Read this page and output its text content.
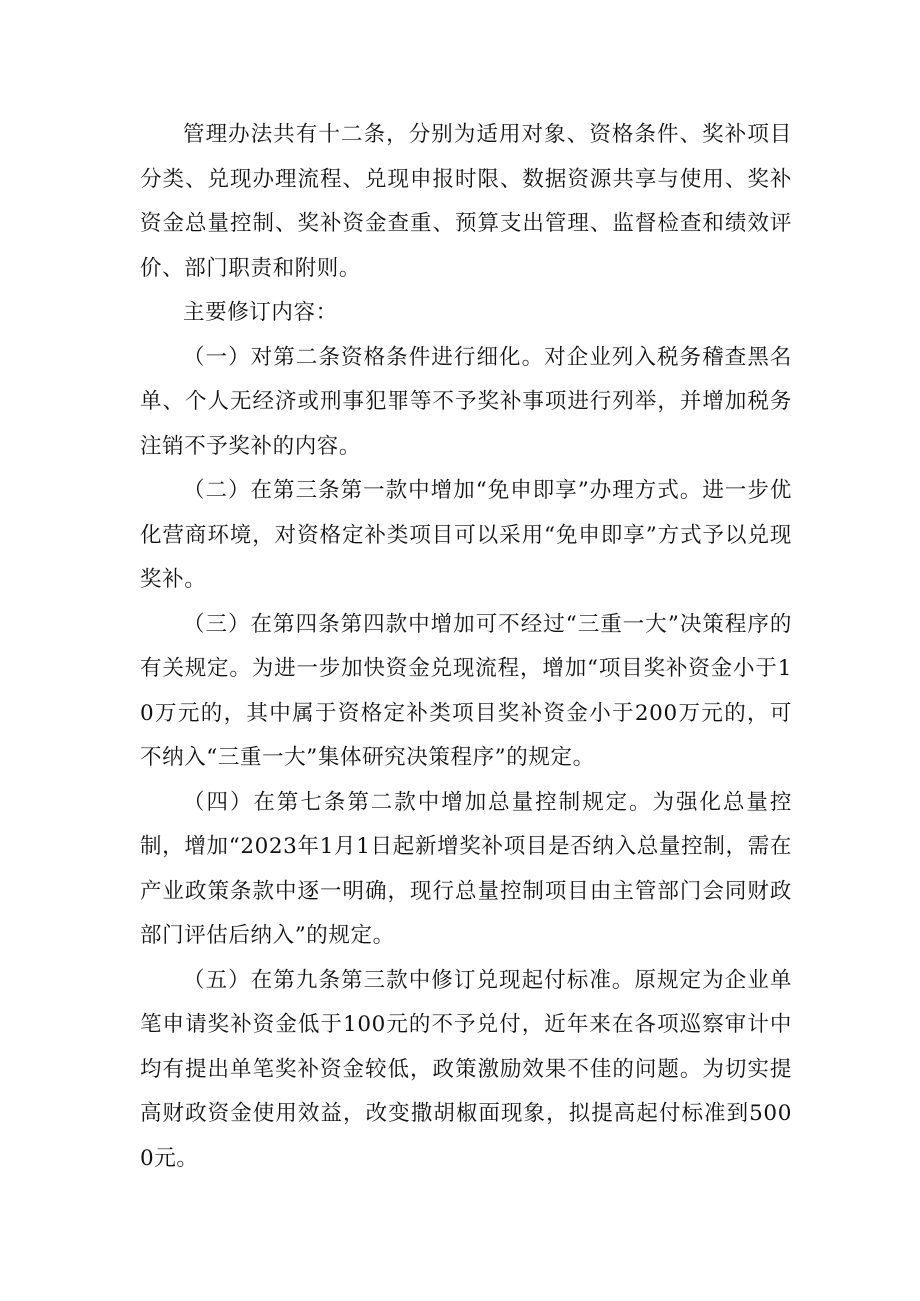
管理办法共有十二条，分别为适用对象、资格条件、奖补项目分类、兑现办理流程、兑现申报时限、数据资源共享与使用、奖补资金总量控制、奖补资金查重、预算支出管理、监督检查和绩效评价、部门职责和附则。
主要修订内容：
（一）对第二条资格条件进行细化。对企业列入税务稽查黑名单、个人无经济或刑事犯罪等不予奖补事项进行列举，并增加税务注销不予奖补的内容。
（二）在第三条第一款中增加“免申即享”办理方式。进一步优化营商环境，对资格定补类项目可以采用“免申即享”方式予以兑现奖补。
（三）在第四条第四款中增加可不经过“三重一大”决策程序的有关规定。为进一步加快资金兑现流程，增加“项目奖补资金小于10万元的，其中属于资格定补类项目奖补资金小于200万元的，可不纳入“三重一大”集体研究决策程序”的规定。
（四）在第七条第二款中增加总量控制规定。为强化总量控制，增加“2023年1月1日起新增奖补项目是否纳入总量控制，需在产业政策条款中逐一明确，现行总量控制项目由主管部门会同财政部门评估后纳入”的规定。
（五）在第九条第三款中修订兑现起付标准。原规定为企业单笔申请奖补资金低于100元的不予兑付，近年来在各项巡察审计中均有提出单笔奖补资金较低，政策激励效果不佳的问题。为切实提高财政资金使用效益，改变撒胡椒面现象，拟提高起付标准到5000元。
